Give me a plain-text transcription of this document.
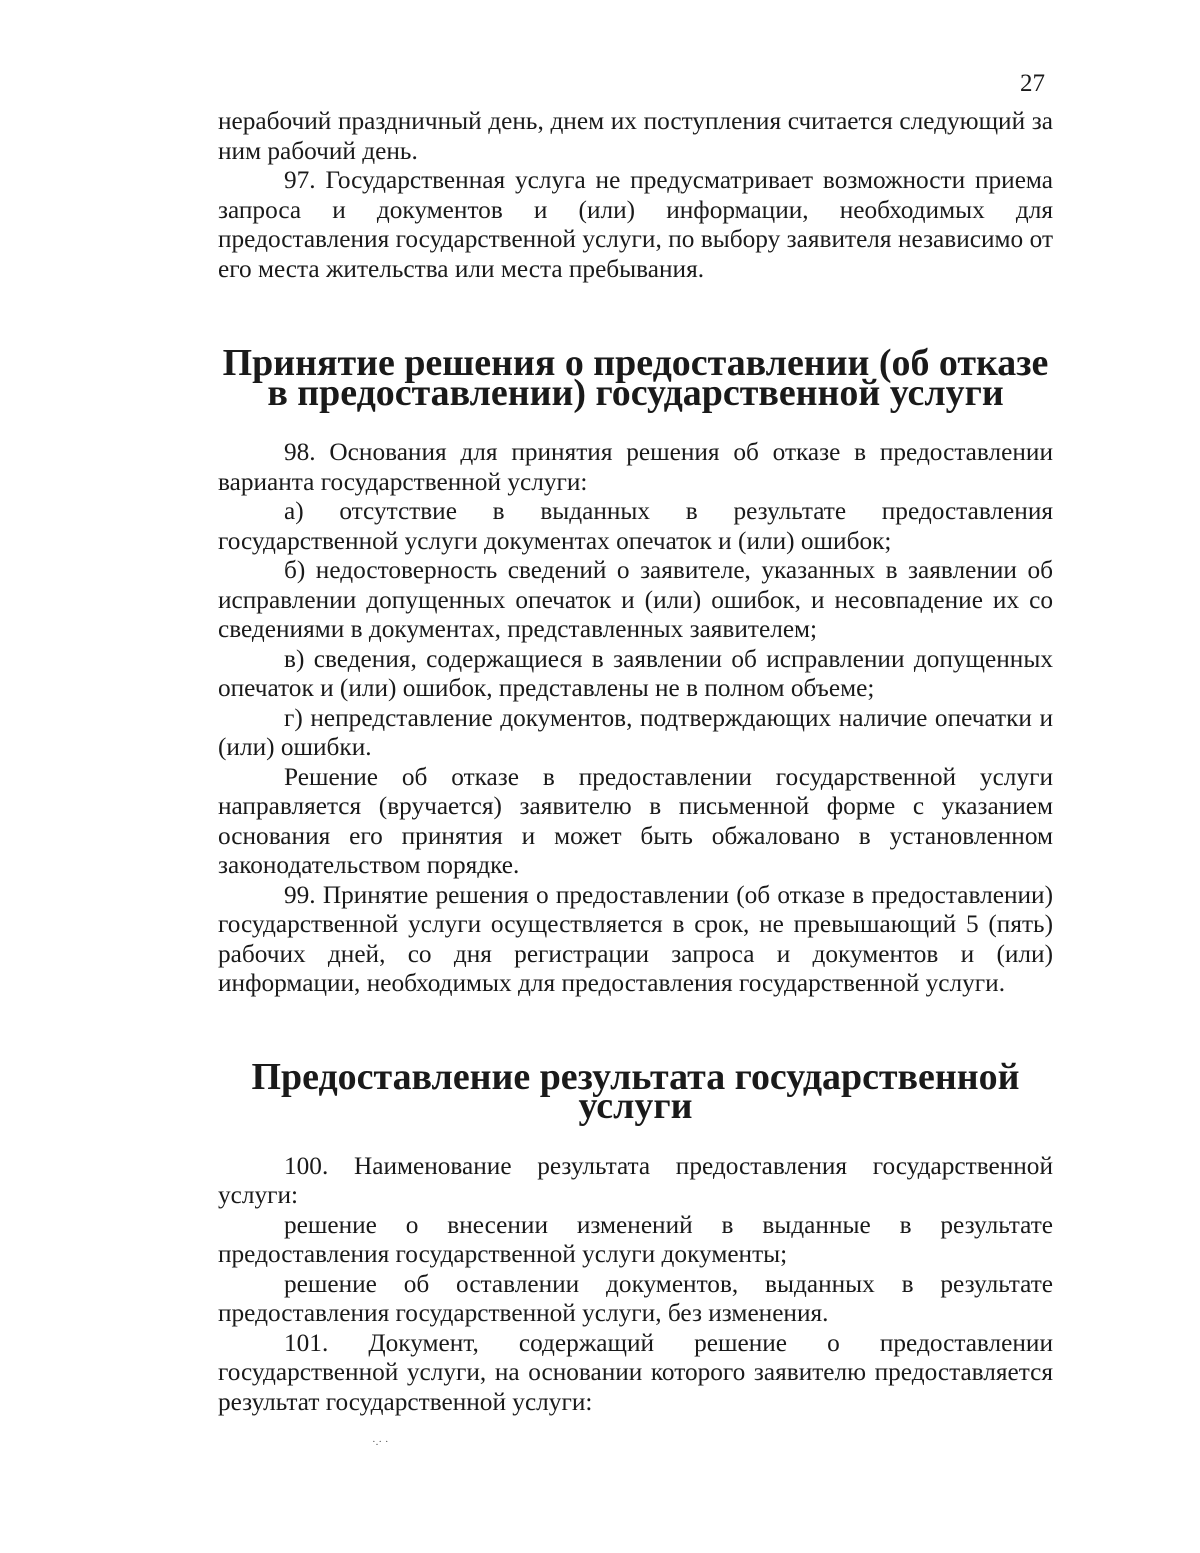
27

нерабочий праздничный день, днем их поступления считается следующий за ним рабочий день.

97. Государственная услуга не предусматривает возможности приема запроса и документов и (или) информации, необходимых для предоставления государственной услуги, по выбору заявителя независимо от его места жительства или места пребывания.

Принятие решения о предоставлении (об отказе
в предоставлении) государственной услуги

98. Основания для принятия решения об отказе в предоставлении варианта государственной услуги:

а) отсутствие в выданных в результате предоставления государственной услуги документах опечаток и (или) ошибок;

б) недостоверность сведений о заявителе, указанных в заявлении об исправлении допущенных опечаток и (или) ошибок, и несовпадение их со сведениями в документах, представленных заявителем;

в) сведения, содержащиеся в заявлении об исправлении допущенных опечаток и (или) ошибок, представлены не в полном объеме;

г) непредставление документов, подтверждающих наличие опечатки и (или) ошибки.

Решение об отказе в предоставлении государственной услуги направляется (вручается) заявителю в письменной форме с указанием основания его принятия и может быть обжаловано в установленном законодательством порядке.

99. Принятие решения о предоставлении (об отказе в предоставлении) государственной услуги осуществляется в срок, не превышающий 5 (пять) рабочих дней, со дня регистрации запроса и документов и (или) информации, необходимых для предоставления государственной услуги.

Предоставление результата государственной услуги

100. Наименование результата предоставления государственной услуги:

решение о внесении изменений в выданные в результате предоставления государственной услуги документы;

решение об оставлении документов, выданных в результате предоставления государственной услуги, без изменения.

101. Документ, содержащий решение о предоставлении государственной услуги, на основании которого заявителю предоставляется результат государственной услуги:

·.· ·
